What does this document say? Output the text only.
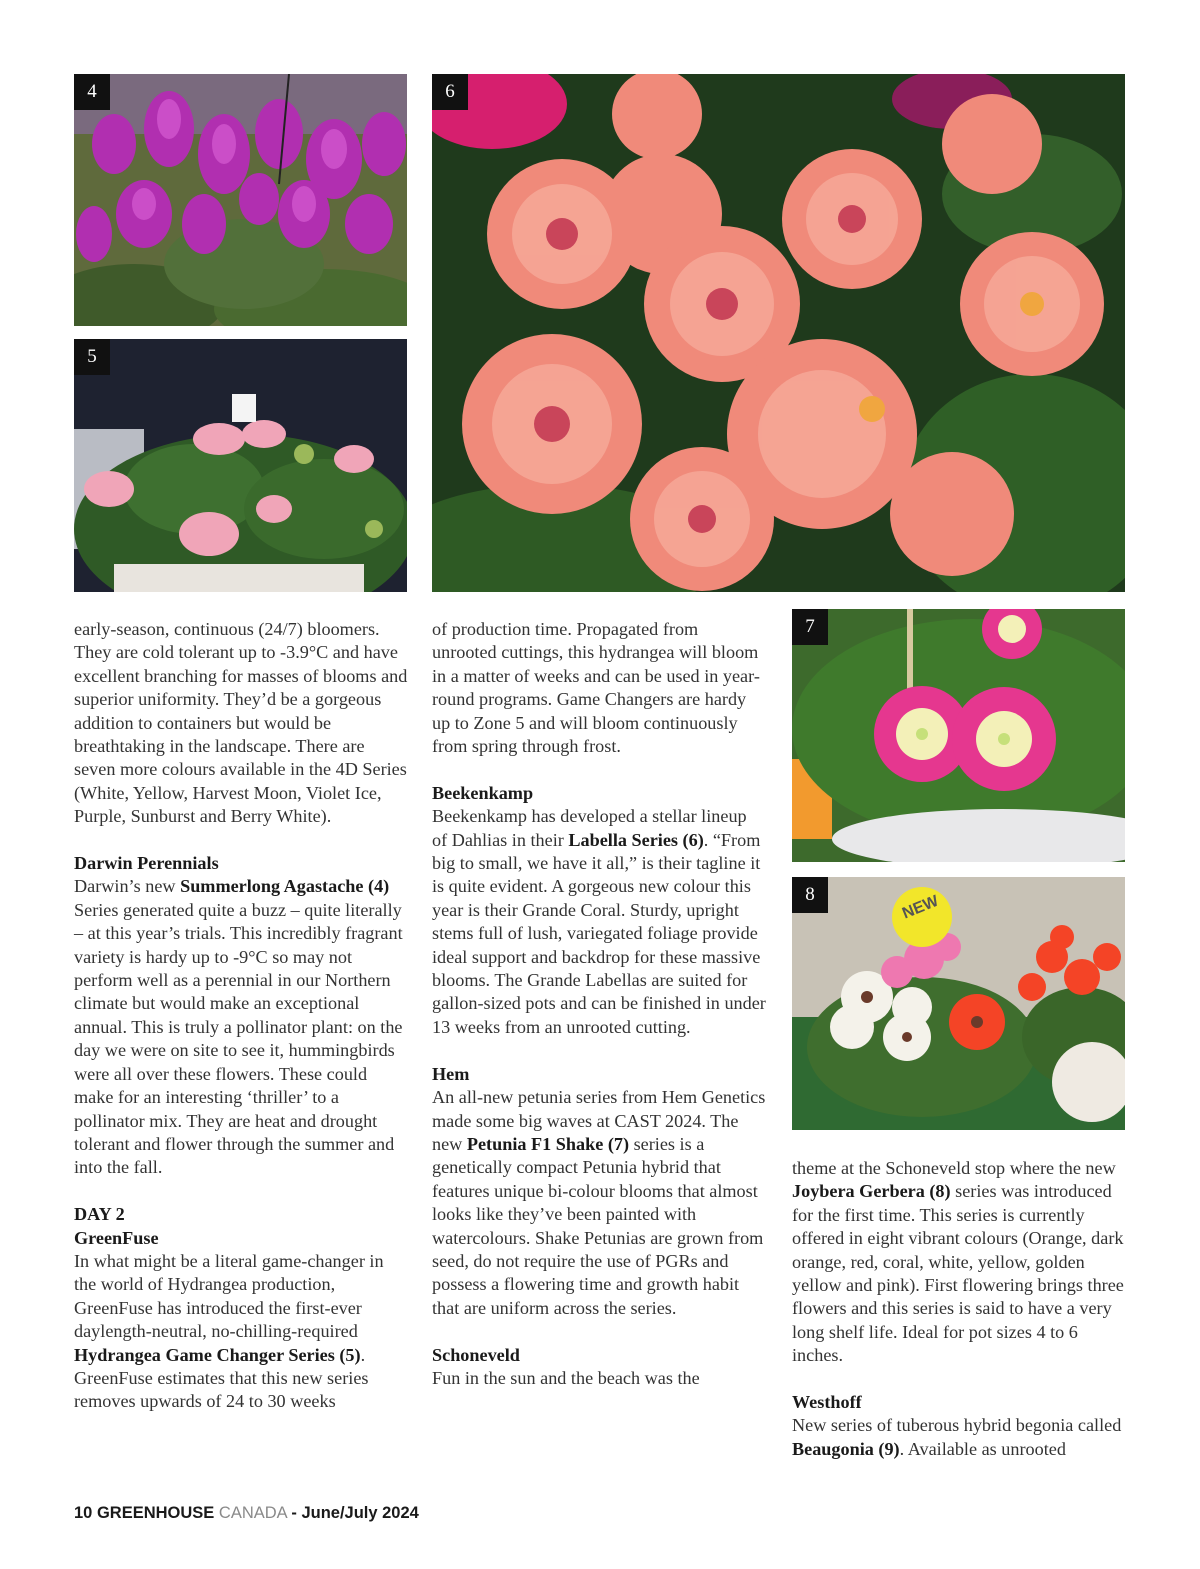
4
5
6
7
NEW
8

early-season, continuous (24/7) bloomers. They are cold tolerant up to -3.9°C and have excellent branching for masses of blooms and superior uniformity. They’d be a gorgeous addition to containers but would be breathtaking in the landscape. There are seven more colours available in the 4D Series (White, Yellow, Harvest Moon, Violet Ice, Purple, Sunburst and Berry White).

Darwin Perennials

Darwin’s new Summerlong Agastache (4) Series generated quite a buzz – quite literally – at this year’s trials. This incredibly fragrant variety is hardy up to -9°C so may not perform well as a perennial in our Northern climate but would make an exceptional annual. This is truly a pollinator plant: on the day we were on site to see it, hummingbirds were all over these flowers. These could make for an interesting ‘thriller’ to a pollinator mix. They are heat and drought tolerant and flower through the summer and into the fall.

DAY 2

GreenFuse

In what might be a literal game-changer in the world of Hydrangea production, GreenFuse has introduced the first-ever daylength-neutral, no-chilling-required Hydrangea Game Changer Series (5). GreenFuse estimates that this new series removes upwards of 24 to 30 weeks

of production time. Propagated from unrooted cuttings, this hydrangea will bloom in a matter of weeks and can be used in year-round programs. Game Changers are hardy up to Zone 5 and will bloom continuously from spring through frost.

Beekenkamp

Beekenkamp has developed a stellar lineup of Dahlias in their Labella Series (6). “From big to small, we have it all,” is their tagline it is quite evident. A gorgeous new colour this year is their Grande Coral. Sturdy, upright stems full of lush, variegated foliage provide ideal support and backdrop for these massive blooms. The Grande Labellas are suited for gallon-sized pots and can be finished in under 13 weeks from an unrooted cutting.

Hem

An all-new petunia series from Hem Genetics made some big waves at CAST 2024. The new Petunia F1 Shake (7) series is a genetically compact Petunia hybrid that features unique bi-colour blooms that almost looks like they’ve been painted with watercolours. Shake Petunias are grown from seed, do not require the use of PGRs and possess a flowering time and growth habit that are uniform across the series.

Schoneveld

Fun in the sun and the beach was the

theme at the Schoneveld stop where the new Joybera Gerbera (8) series was introduced for the first time. This series is currently offered in eight vibrant colours (Orange, dark orange, red, coral, white, yellow, golden yellow and pink). First flowering brings three flowers and this series is said to have a very long shelf life. Ideal for pot sizes 4 to 6 inches.

Westhoff

New series of tuberous hybrid begonia called Beaugonia (9). Available as unrooted

10 GREENHOUSE CANADA - June/July 2024
